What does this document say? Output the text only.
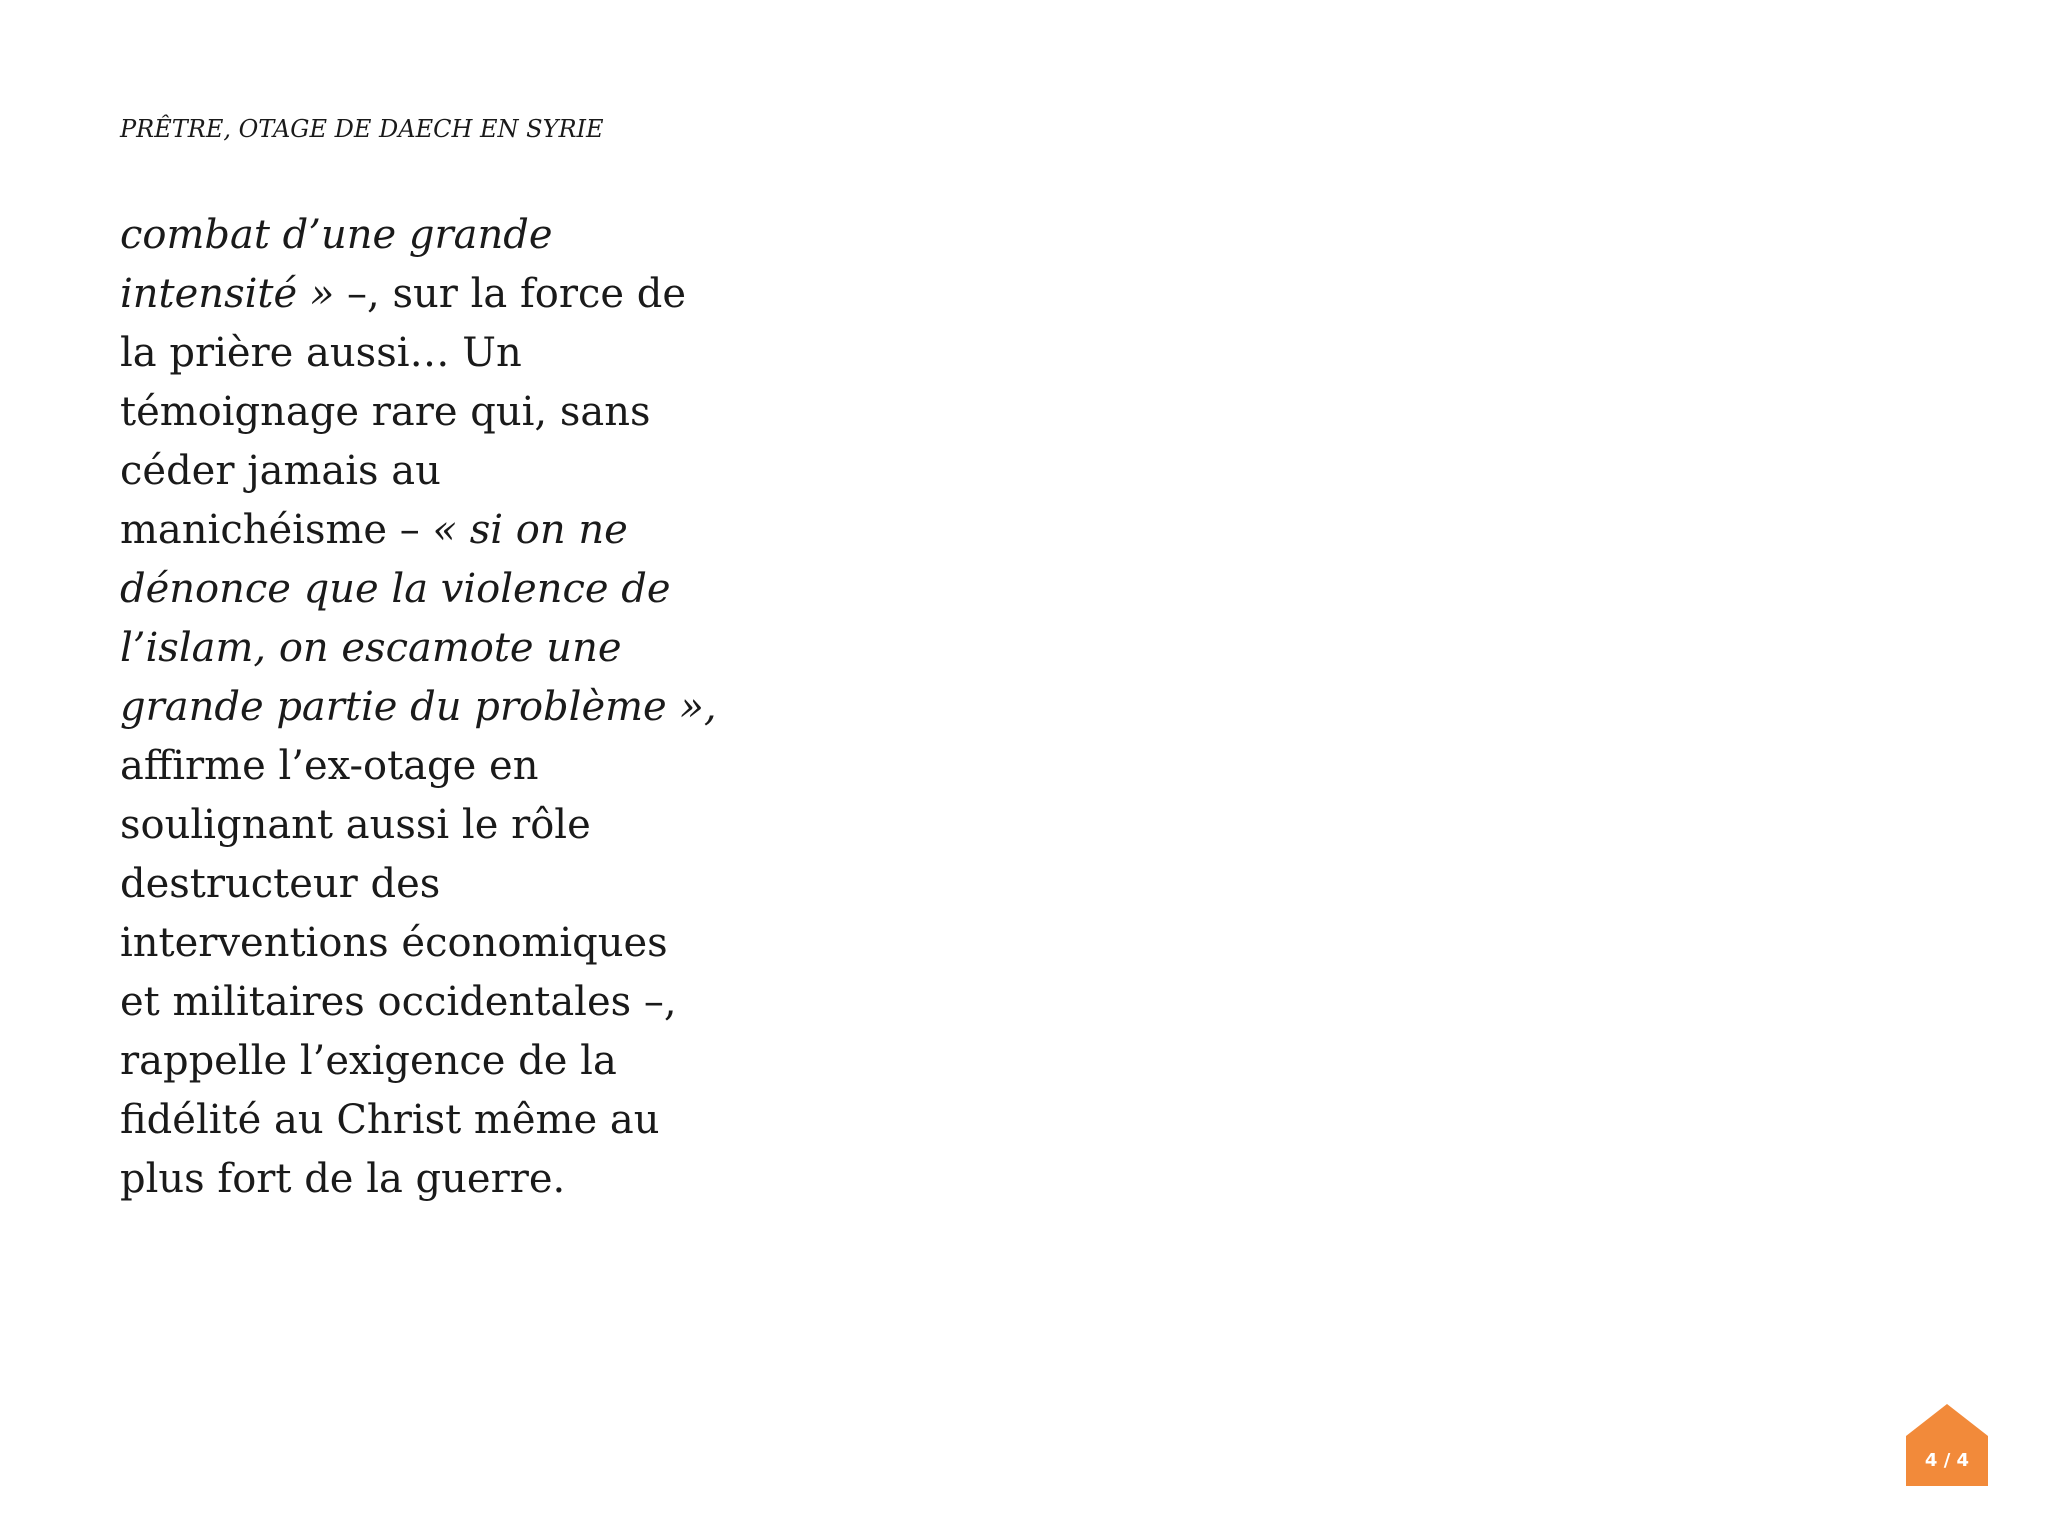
PRÊTRE, OTAGE DE DAECH EN SYRIE
combat d’une grande
intensité » –, sur la force de
la prière aussi… Un
témoignage rare qui, sans
céder jamais au
manichéisme – « si on ne
dénonce que la violence de
l’islam, on escamote une
grande partie du problème »,
affirme l’ex-otage en
soulignant aussi le rôle
destructeur des
interventions économiques
et militaires occidentales –,
rappelle l’exigence de la
fidélité au Christ même au
plus fort de la guerre.
4 / 4
